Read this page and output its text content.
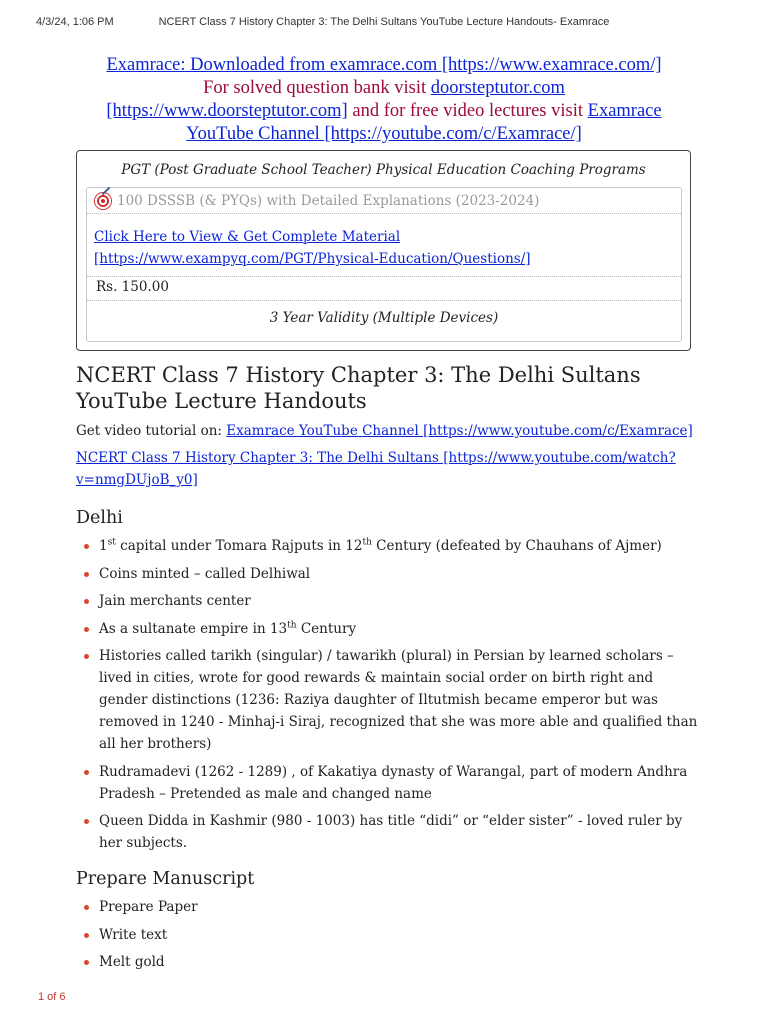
4/3/24, 1:06 PM	NCERT Class 7 History Chapter 3: The Delhi Sultans YouTube Lecture Handouts- Examrace
Examrace: Downloaded from examrace.com [https://www.examrace.com/]
For solved question bank visit doorsteptutor.com [https://www.doorsteptutor.com] and for free video lectures visit Examrace YouTube Channel [https://youtube.com/c/Examrace/]
PGT (Post Graduate School Teacher) Physical Education Coaching Programs
100 DSSSB (& PYQs) with Detailed Explanations (2023-2024)
Click Here to View & Get Complete Material [https://www.exampyq.com/PGT/Physical-Education/Questions/]
Rs. 150.00
3 Year Validity (Multiple Devices)
NCERT Class 7 History Chapter 3: The Delhi Sultans YouTube Lecture Handouts
Get video tutorial on: Examrace YouTube Channel [https://www.youtube.com/c/Examrace]
NCERT Class 7 History Chapter 3: The Delhi Sultans [https://www.youtube.com/watch?v=nmgDUjoB_y0]
Delhi
1st capital under Tomara Rajputs in 12th Century (defeated by Chauhans of Ajmer)
Coins minted – called Delhiwal
Jain merchants center
As a sultanate empire in 13th Century
Histories called tarikh (singular) / tawarikh (plural) in Persian by learned scholars – lived in cities, wrote for good rewards & maintain social order on birth right and gender distinctions (1236: Raziya daughter of Iltutmish became emperor but was removed in 1240 - Minhaj-i Siraj, recognized that she was more able and qualified than all her brothers)
Rudramadevi (1262 - 1289) , of Kakatiya dynasty of Warangal, part of modern Andhra Pradesh – Pretended as male and changed name
Queen Didda in Kashmir (980 - 1003) has title “didi” or “elder sister” - loved ruler by her subjects.
Prepare Manuscript
Prepare Paper
Write text
Melt gold
1 of 6
